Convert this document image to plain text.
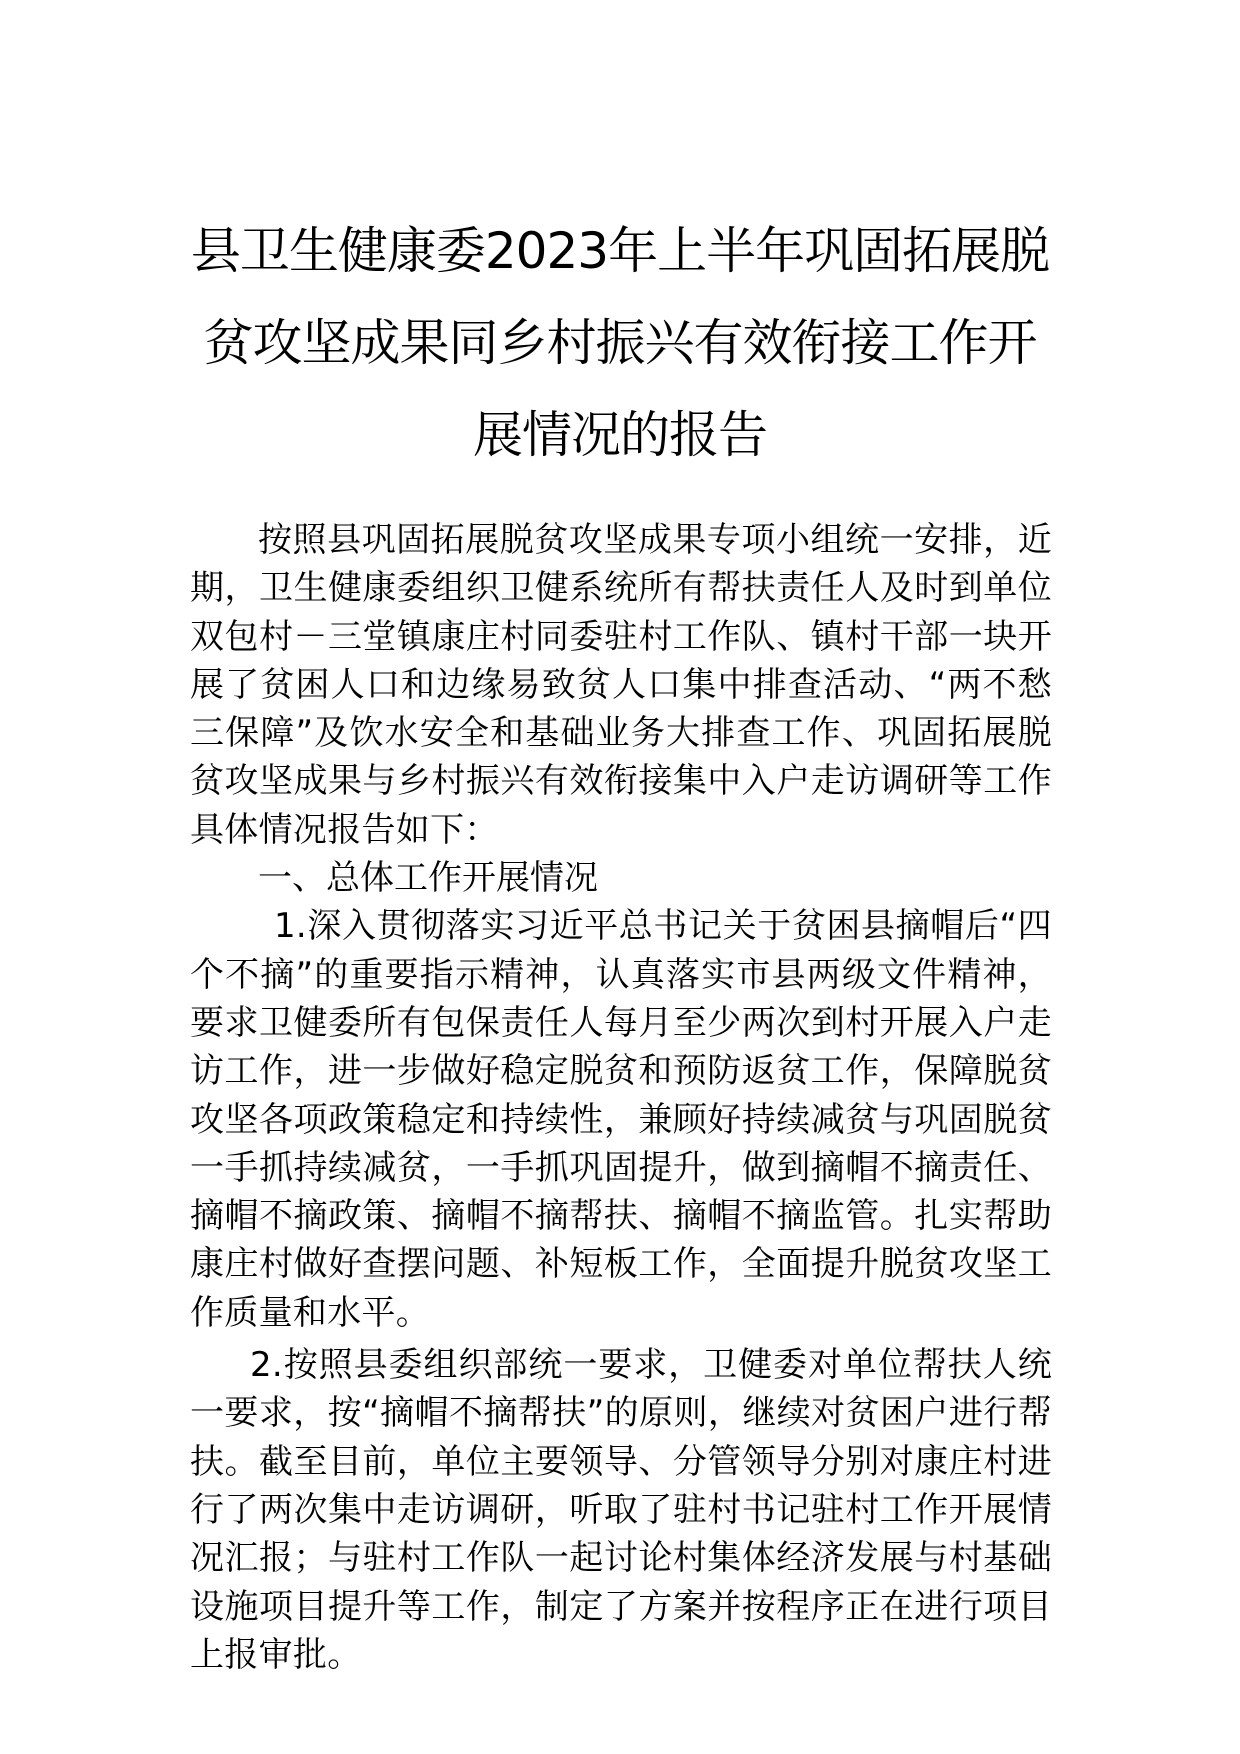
县卫生健康委2023年上半年巩固拓展脱贫攻坚成果同乡村振兴有效衔接工作开展情况的报告

按照县巩固拓展脱贫攻坚成果专项小组统一安排，近期，卫生健康委组织卫健系统所有帮扶责任人及时到单位双包村－三堂镇康庄村同委驻村工作队、镇村干部一块开展了贫困人口和边缘易致贫人口集中排查活动、“两不愁三保障”及饮水安全和基础业务大排查工作、巩固拓展脱贫攻坚成果与乡村振兴有效衔接集中入户走访调研等工作具体情况报告如下：

一、总体工作开展情况

1.深入贯彻落实习近平总书记关于贫困县摘帽后“四个不摘”的重要指示精神，认真落实市县两级文件精神，要求卫健委所有包保责任人每月至少两次到村开展入户走访工作，进一步做好稳定脱贫和预防返贫工作，保障脱贫攻坚各项政策稳定和持续性，兼顾好持续减贫与巩固脱贫一手抓持续减贫，一手抓巩固提升，做到摘帽不摘责任、摘帽不摘政策、摘帽不摘帮扶、摘帽不摘监管。扎实帮助康庄村做好查摆问题、补短板工作，全面提升脱贫攻坚工作质量和水平。

2.按照县委组织部统一要求，卫健委对单位帮扶人统一要求，按“摘帽不摘帮扶”的原则，继续对贫困户进行帮扶。截至目前，单位主要领导、分管领导分别对康庄村进行了两次集中走访调研，听取了驻村书记驻村工作开展情况汇报；与驻村工作队一起讨论村集体经济发展与村基础设施项目提升等工作，制定了方案并按程序正在进行项目上报审批。
